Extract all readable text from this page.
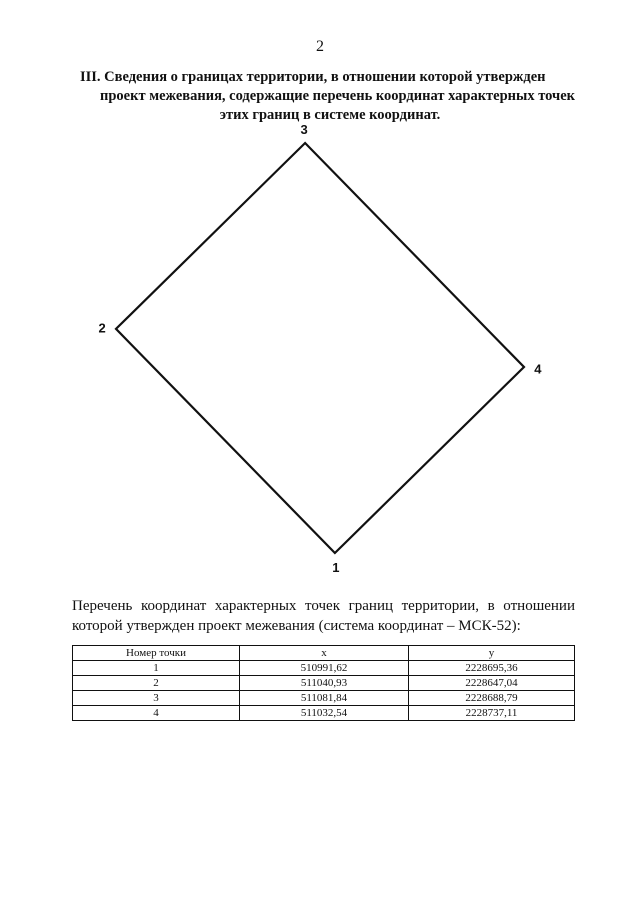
2
III. Сведения о границах территории, в отношении которой утвержден
проект межевания, содержащие перечень координат характерных точек
этих границ в системе координат.
1
2
3
4
Перечень координат характерных точек границ территории, в отношении
которой утвержден проект межевания (система координат – МСК-52):
Номер точки	x	y
1	510991,62	2228695,36
2	511040,93	2228647,04
3	511081,84	2228688,79
4	511032,54	2228737,11
